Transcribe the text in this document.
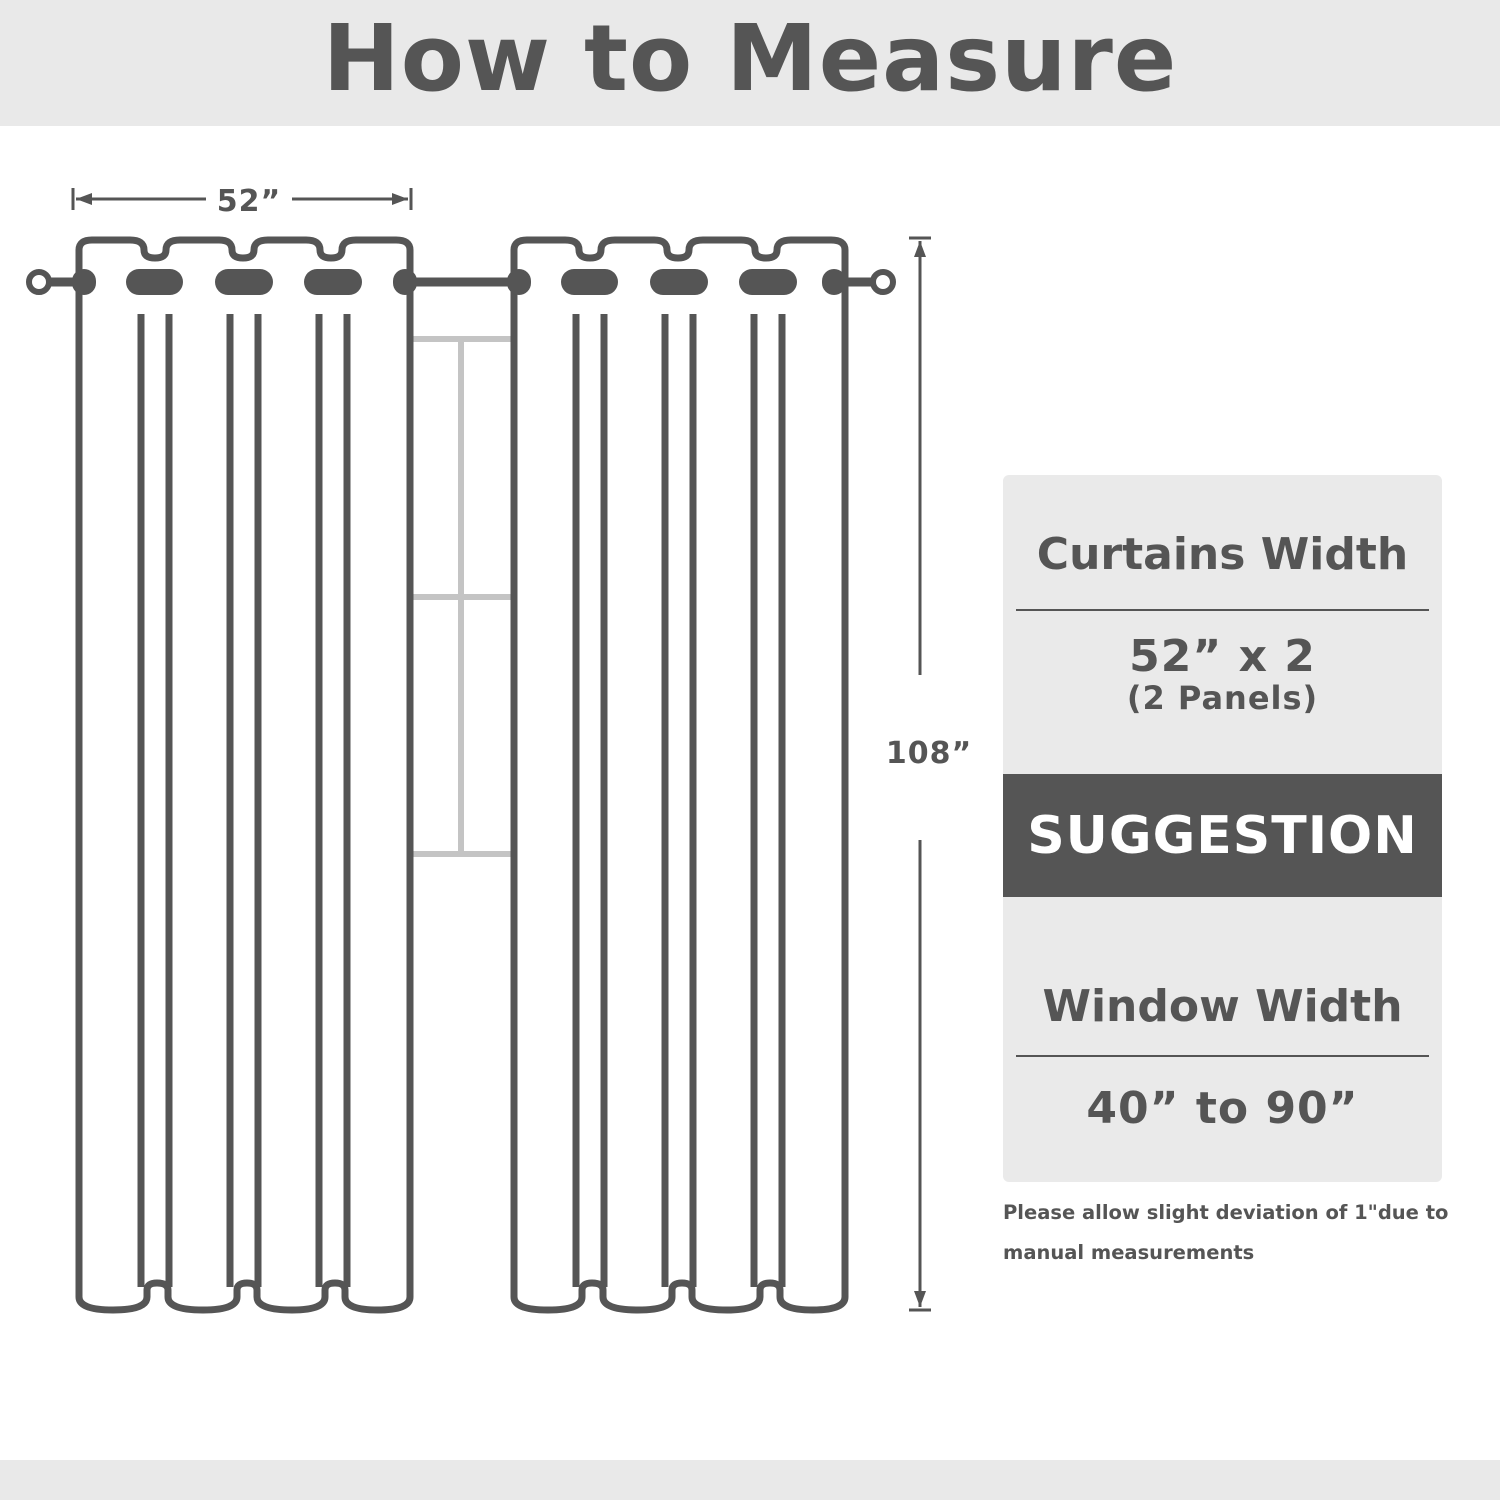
How to Measure
52”
108”
Curtains Width
52” x 2
(2 Panels)
SUGGESTION
Window Width
40” to 90”
Please allow slight deviation of 1"due to manual measurements
